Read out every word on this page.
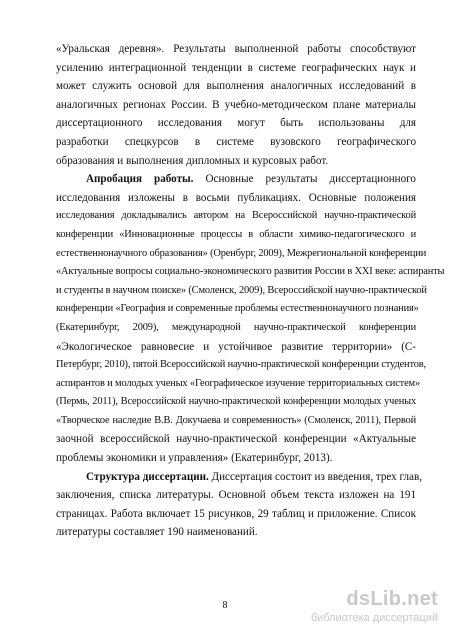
«Уральская деревня». Результаты выполненной работы способствуют
усилению интеграционной тенденции в системе географических наук и
может служить основой для выполнения аналогичных исследований в
аналогичных регионах России. В учебно-методическом плане материалы
диссертационного исследования могут быть использованы для
разработки спецкурсов в системе вузовского географического
образования и выполнения дипломных и курсовых работ.
Апробация работы. Основные результаты диссертационного
исследования изложены в восьми публикациях. Основные положения
исследования докладывались автором на Всероссийской научно-практической
конференции «Инновационные процессы в области химико-педагогического и
естественнонаучного образования» (Оренбург, 2009), Межрегиональной конференции
«Актуальные вопросы социально-экономического развития России в XXI веке: аспиранты
и студенты в научном поиске» (Смоленск, 2009), Всероссийской научно-практической
конференции «География и современные проблемы естественнонаучного познания»
(Екатеринбург, 2009), международной научно-практической конференции
«Экологическое равновесие и устойчивое развитие территории» (С-
Петербург, 2010), пятой Всероссийской научно-практической конференции студентов,
аспирантов и молодых ученых «Географическое изучение территориальных систем»
(Пермь, 2011), Всероссийской научно-практической конференции молодых ученых
«Творческое наследие В.В. Докучаева и современность» (Смоленск, 2011), Первой
заочной всероссийской научно-практической конференции «Актуальные
проблемы экономики и управления» (Екатеринбург, 2013).
Структура диссертации. Диссертация состоит из введения, трех глав,
заключения, списка литературы. Основной объем текста изложен на 191
страницах. Работа включает 15 рисунков, 29 таблиц и приложение. Список
литературы составляет 190 наименований.
8	dsLib.net
библиотека диссертаций
